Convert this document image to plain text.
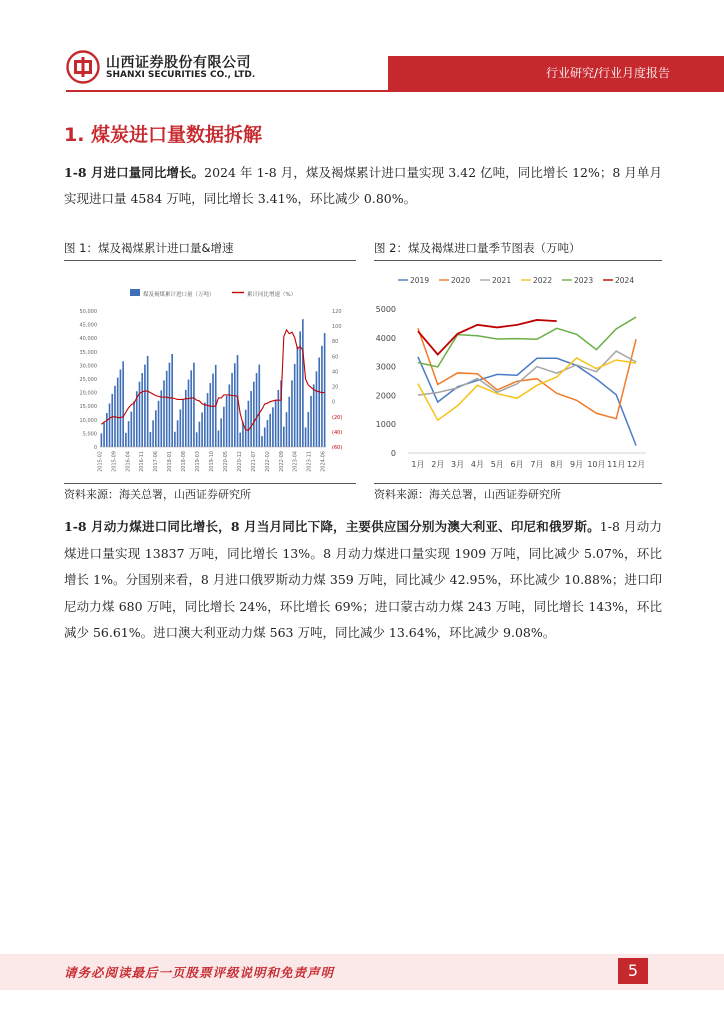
山西证券股份有限公司
SHANXI SECURITIES CO., LTD.	行业研究/行业月度报告
1. 煤炭进口量数据拆解
1-8 月进口量同比增长。2024 年 1-8 月，煤及褐煤累计进口量实现 3.42 亿吨，同比增长 12%；8 月单月实现进口量 4584 万吨，同比增长 3.41%，环比减少 0.80%。
图 1：煤及褐煤累计进口量&增速
煤及褐煤累计进口量（万吨）	累计同比增速（%）
50,000
45,000
40,000
35,000
30,000
25,000
20,000
15,000
10,000
5,000
0
120
100
80
60
40
20
0
(20)
(40)
(60)
2015-02 2015-09 2016-04 2016-11 2017-06 2018-01 2018-08 2019-03 2019-10 2020-05 2020-12 2021-07 2022-02 2022-09 2023-04 2023-11 2024-06
资料来源：海关总署，山西证券研究所
图 2：煤及褐煤进口量季节图表（万吨）
2019	2020	2021	2022	2023	2024
5000
4000
3000
2000
1000
0
1月 2月 3月 4月 5月 6月 7月 8月 9月 10月 11月 12月
资料来源：海关总署，山西证券研究所
1-8 月动力煤进口同比增长，8 月当月同比下降，主要供应国分别为澳大利亚、印尼和俄罗斯。1-8 月动力煤进口量实现 13837 万吨，同比增长 13%。8 月动力煤进口量实现 1909 万吨，同比减少 5.07%，环比增长 1%。分国别来看，8 月进口俄罗斯动力煤 359 万吨，同比减少 42.95%，环比减少 10.88%；进口印尼动力煤 680 万吨，同比增长 24%，环比增长 69%；进口蒙古动力煤 243 万吨，同比增长 143%，环比减少 56.61%。进口澳大利亚动力煤 563 万吨，同比减少 13.64%，环比减少 9.08%。
请务必阅读最后一页股票评级说明和免责声明	5
